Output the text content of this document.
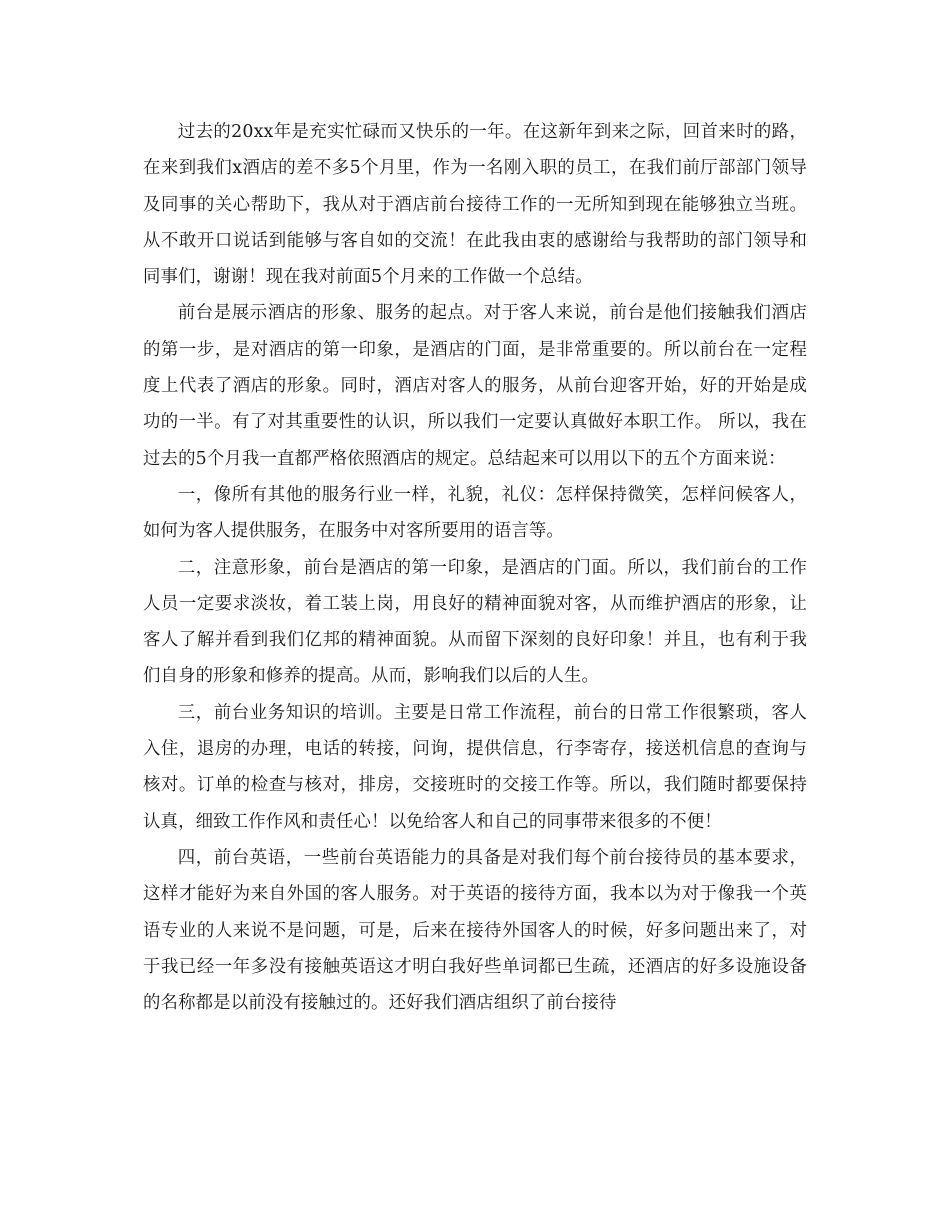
过去的20xx年是充实忙碌而又快乐的一年。在这新年到来之际，回首来时的路，在来到我们x酒店的差不多5个月里，作为一名刚入职的员工，在我们前厅部部门领导及同事的关心帮助下，我从对于酒店前台接待工作的一无所知到现在能够独立当班。从不敢开口说话到能够与客自如的交流！在此我由衷的感谢给与我帮助的部门领导和同事们，谢谢！现在我对前面5个月来的工作做一个总结。

前台是展示酒店的形象、服务的起点。对于客人来说，前台是他们接触我们酒店的第一步，是对酒店的第一印象，是酒店的门面，是非常重要的。所以前台在一定程度上代表了酒店的形象。同时，酒店对客人的服务，从前台迎客开始，好的开始是成功的一半。有了对其重要性的认识，所以我们一定要认真做好本职工作。 所以，我在过去的5个月我一直都严格依照酒店的规定。总结起来可以用以下的五个方面来说：

一，像所有其他的服务行业一样，礼貌，礼仪：怎样保持微笑，怎样问候客人，如何为客人提供服务，在服务中对客所要用的语言等。

二，注意形象，前台是酒店的第一印象，是酒店的门面。所以，我们前台的工作人员一定要求淡妆，着工装上岗，用良好的精神面貌对客，从而维护酒店的形象，让客人了解并看到我们亿邦的精神面貌。从而留下深刻的良好印象！并且，也有利于我们自身的形象和修养的提高。从而，影响我们以后的人生。

三，前台业务知识的培训。主要是日常工作流程，前台的日常工作很繁琐，客人入住，退房的办理，电话的转接，问询，提供信息，行李寄存，接送机信息的查询与核对。订单的检查与核对，排房，交接班时的交接工作等。所以，我们随时都要保持认真，细致工作作风和责任心！以免给客人和自己的同事带来很多的不便！

四，前台英语，一些前台英语能力的具备是对我们每个前台接待员的基本要求，这样才能好为来自外国的客人服务。对于英语的接待方面，我本以为对于像我一个英语专业的人来说不是问题，可是，后来在接待外国客人的时候，好多问题出来了，对于我已经一年多没有接触英语这才明白我好些单词都已生疏，还酒店的好多设施设备的名称都是以前没有接触过的。还好我们酒店组织了前台接待
